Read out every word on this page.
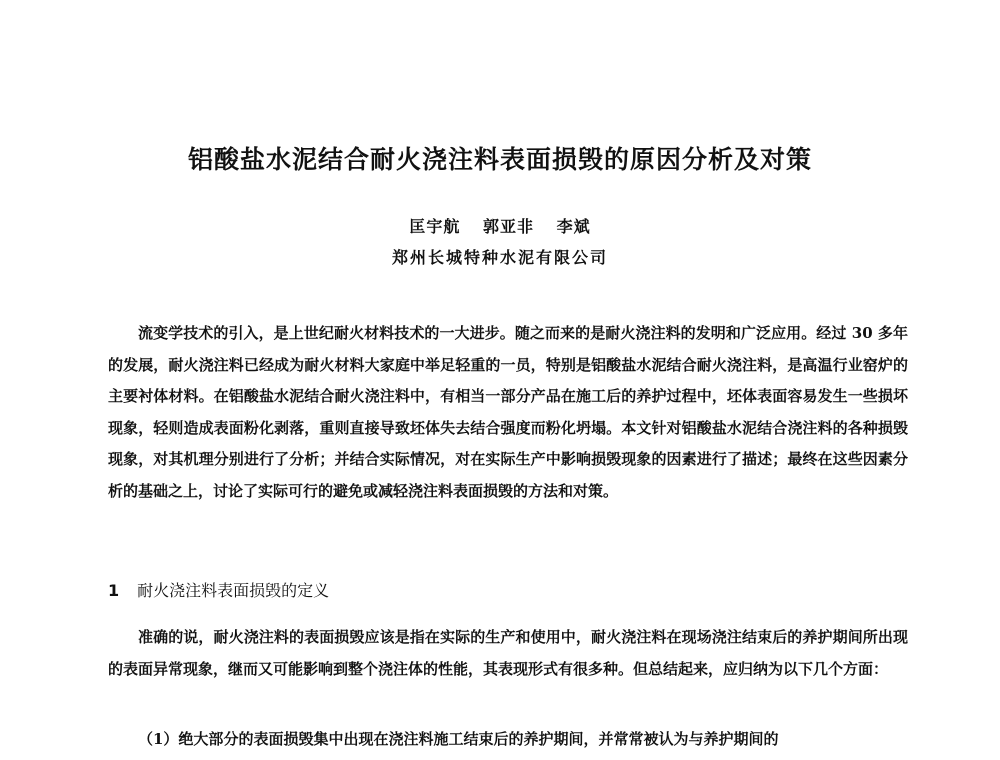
铝酸盐水泥结合耐火浇注料表面损毁的原因分析及对策
匡宇航 郭亚非 李斌
郑州长城特种水泥有限公司

流变学技术的引入，是上世纪耐火材料技术的一大进步。随之而来的是耐火浇注料的发明和广泛应用。经过 30 多年的发展，耐火浇注料已经成为耐火材料大家庭中举足轻重的一员，特别是铝酸盐水泥结合耐火浇注料，是高温行业窑炉的主要衬体材料。在铝酸盐水泥结合耐火浇注料中，有相当一部分产品在施工后的养护过程中，坯体表面容易发生一些损坏现象，轻则造成表面粉化剥落，重则直接导致坯体失去结合强度而粉化坍塌。本文针对铝酸盐水泥结合浇注料的各种损毁现象，对其机理分别进行了分析；并结合实际情况，对在实际生产中影响损毁现象的因素进行了描述；最终在这些因素分析的基础之上，讨论了实际可行的避免或减轻浇注料表面损毁的方法和对策。

1 耐火浇注料表面损毁的定义

准确的说，耐火浇注料的表面损毁应该是指在实际的生产和使用中，耐火浇注料在现场浇注结束后的养护期间所出现的表面异常现象，继而又可能影响到整个浇注体的性能，其表现形式有很多种。但总结起来，应归纳为以下几个方面：

（1）绝大部分的表面损毁集中出现在浇注料施工结束后的养护期间，并常常被认为与养护期间的
